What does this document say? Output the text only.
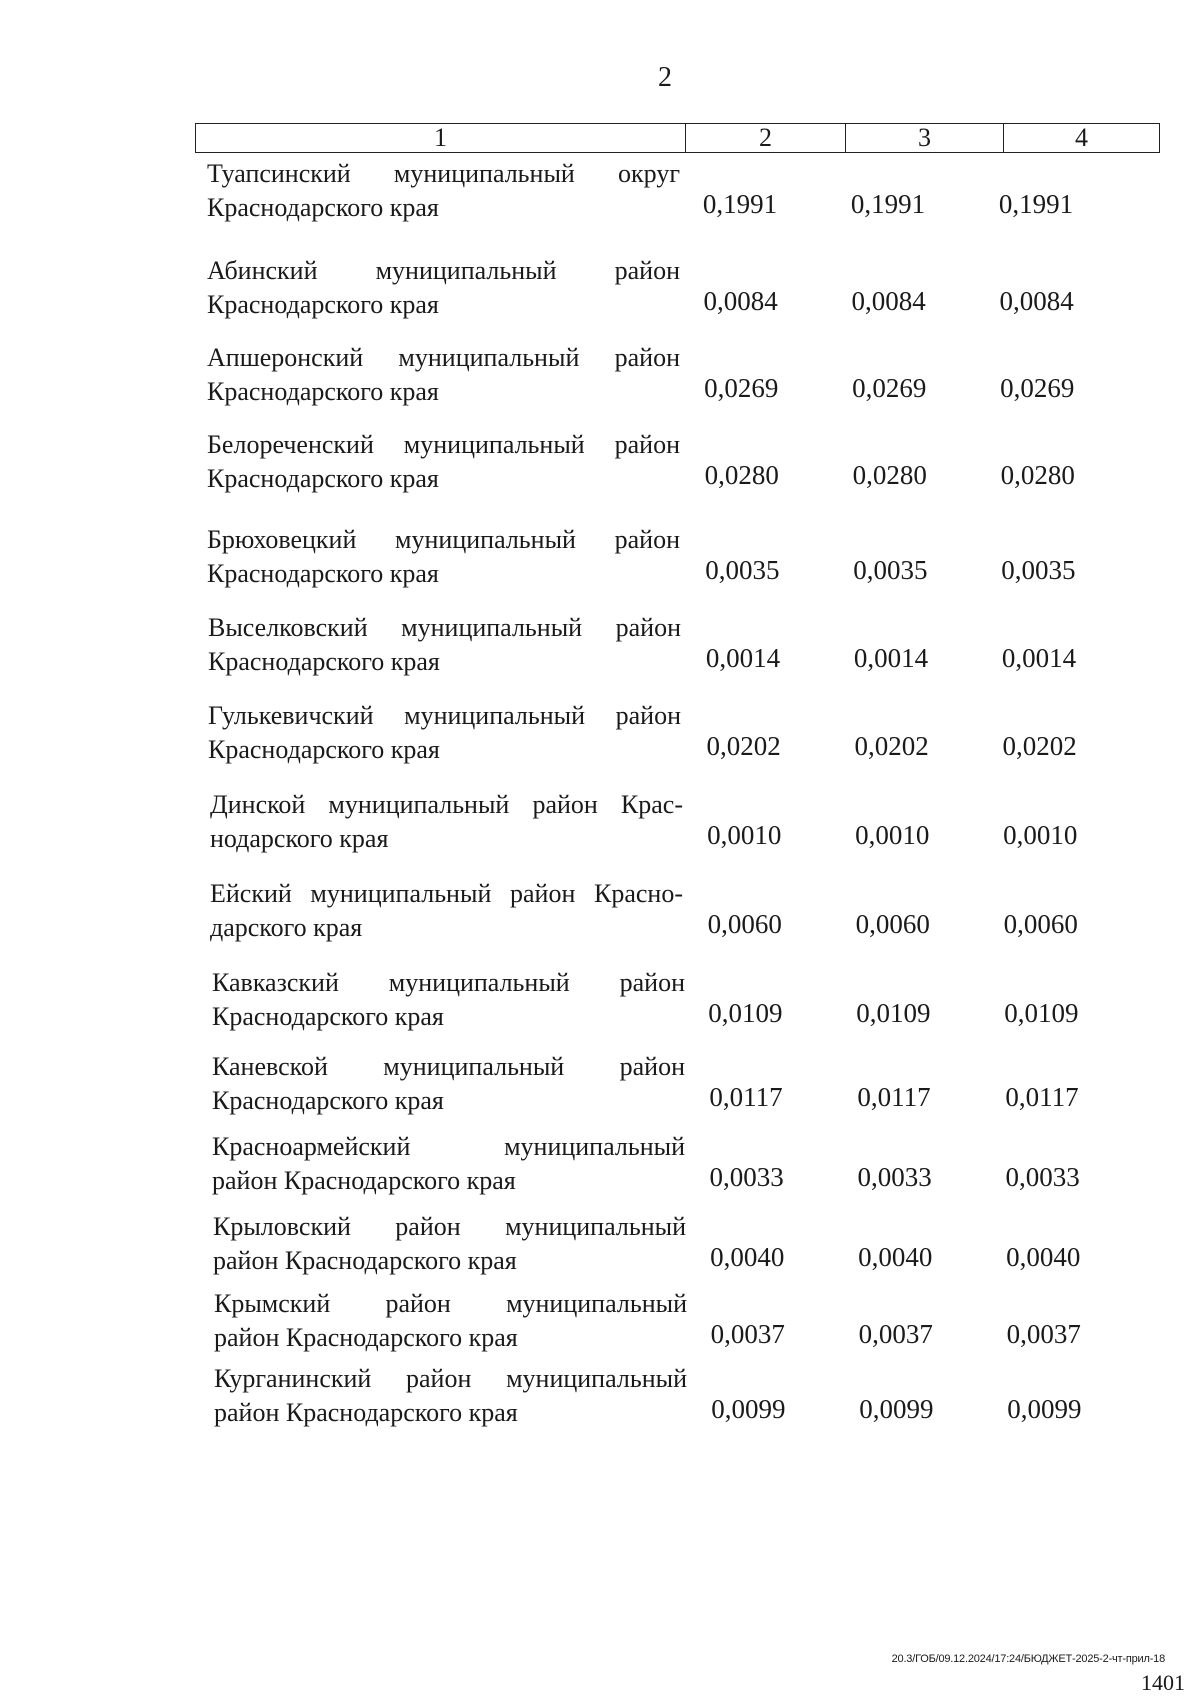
2
1	2	3	4
Туапсинский муниципальный округ
Краснодарского края	0,1991	0,1991	0,1991
Абинский муниципальный район
Краснодарского края	0,0084	0,0084	0,0084
Апшеронский муниципальный район
Краснодарского края	0,0269	0,0269	0,0269
Белореченский муниципальный район
Краснодарского края	0,0280	0,0280	0,0280
Брюховецкий муниципальный район
Краснодарского края	0,0035	0,0035	0,0035
Выселковский муниципальный район
Краснодарского края	0,0014	0,0014	0,0014
Гулькевичский муниципальный район
Краснодарского края	0,0202	0,0202	0,0202
Динской муниципальный район Крас-
нодарского края	0,0010	0,0010	0,0010
Ейский муниципальный район Красно-
дарского края	0,0060	0,0060	0,0060
Кавказский муниципальный район
Краснодарского края	0,0109	0,0109	0,0109
Каневской муниципальный район
Краснодарского края	0,0117	0,0117	0,0117
Красноармейский муниципальный
район Краснодарского края	0,0033	0,0033	0,0033
Крыловский район муниципальный
район Краснодарского края	0,0040	0,0040	0,0040
Крымский район муниципальный
район Краснодарского края	0,0037	0,0037	0,0037
Курганинский район муниципальный
район Краснодарского края	0,0099	0,0099	0,0099
20.3/ГОБ/09.12.2024/17:24/БЮДЖЕТ-2025-2-чт-прил-18
1401
